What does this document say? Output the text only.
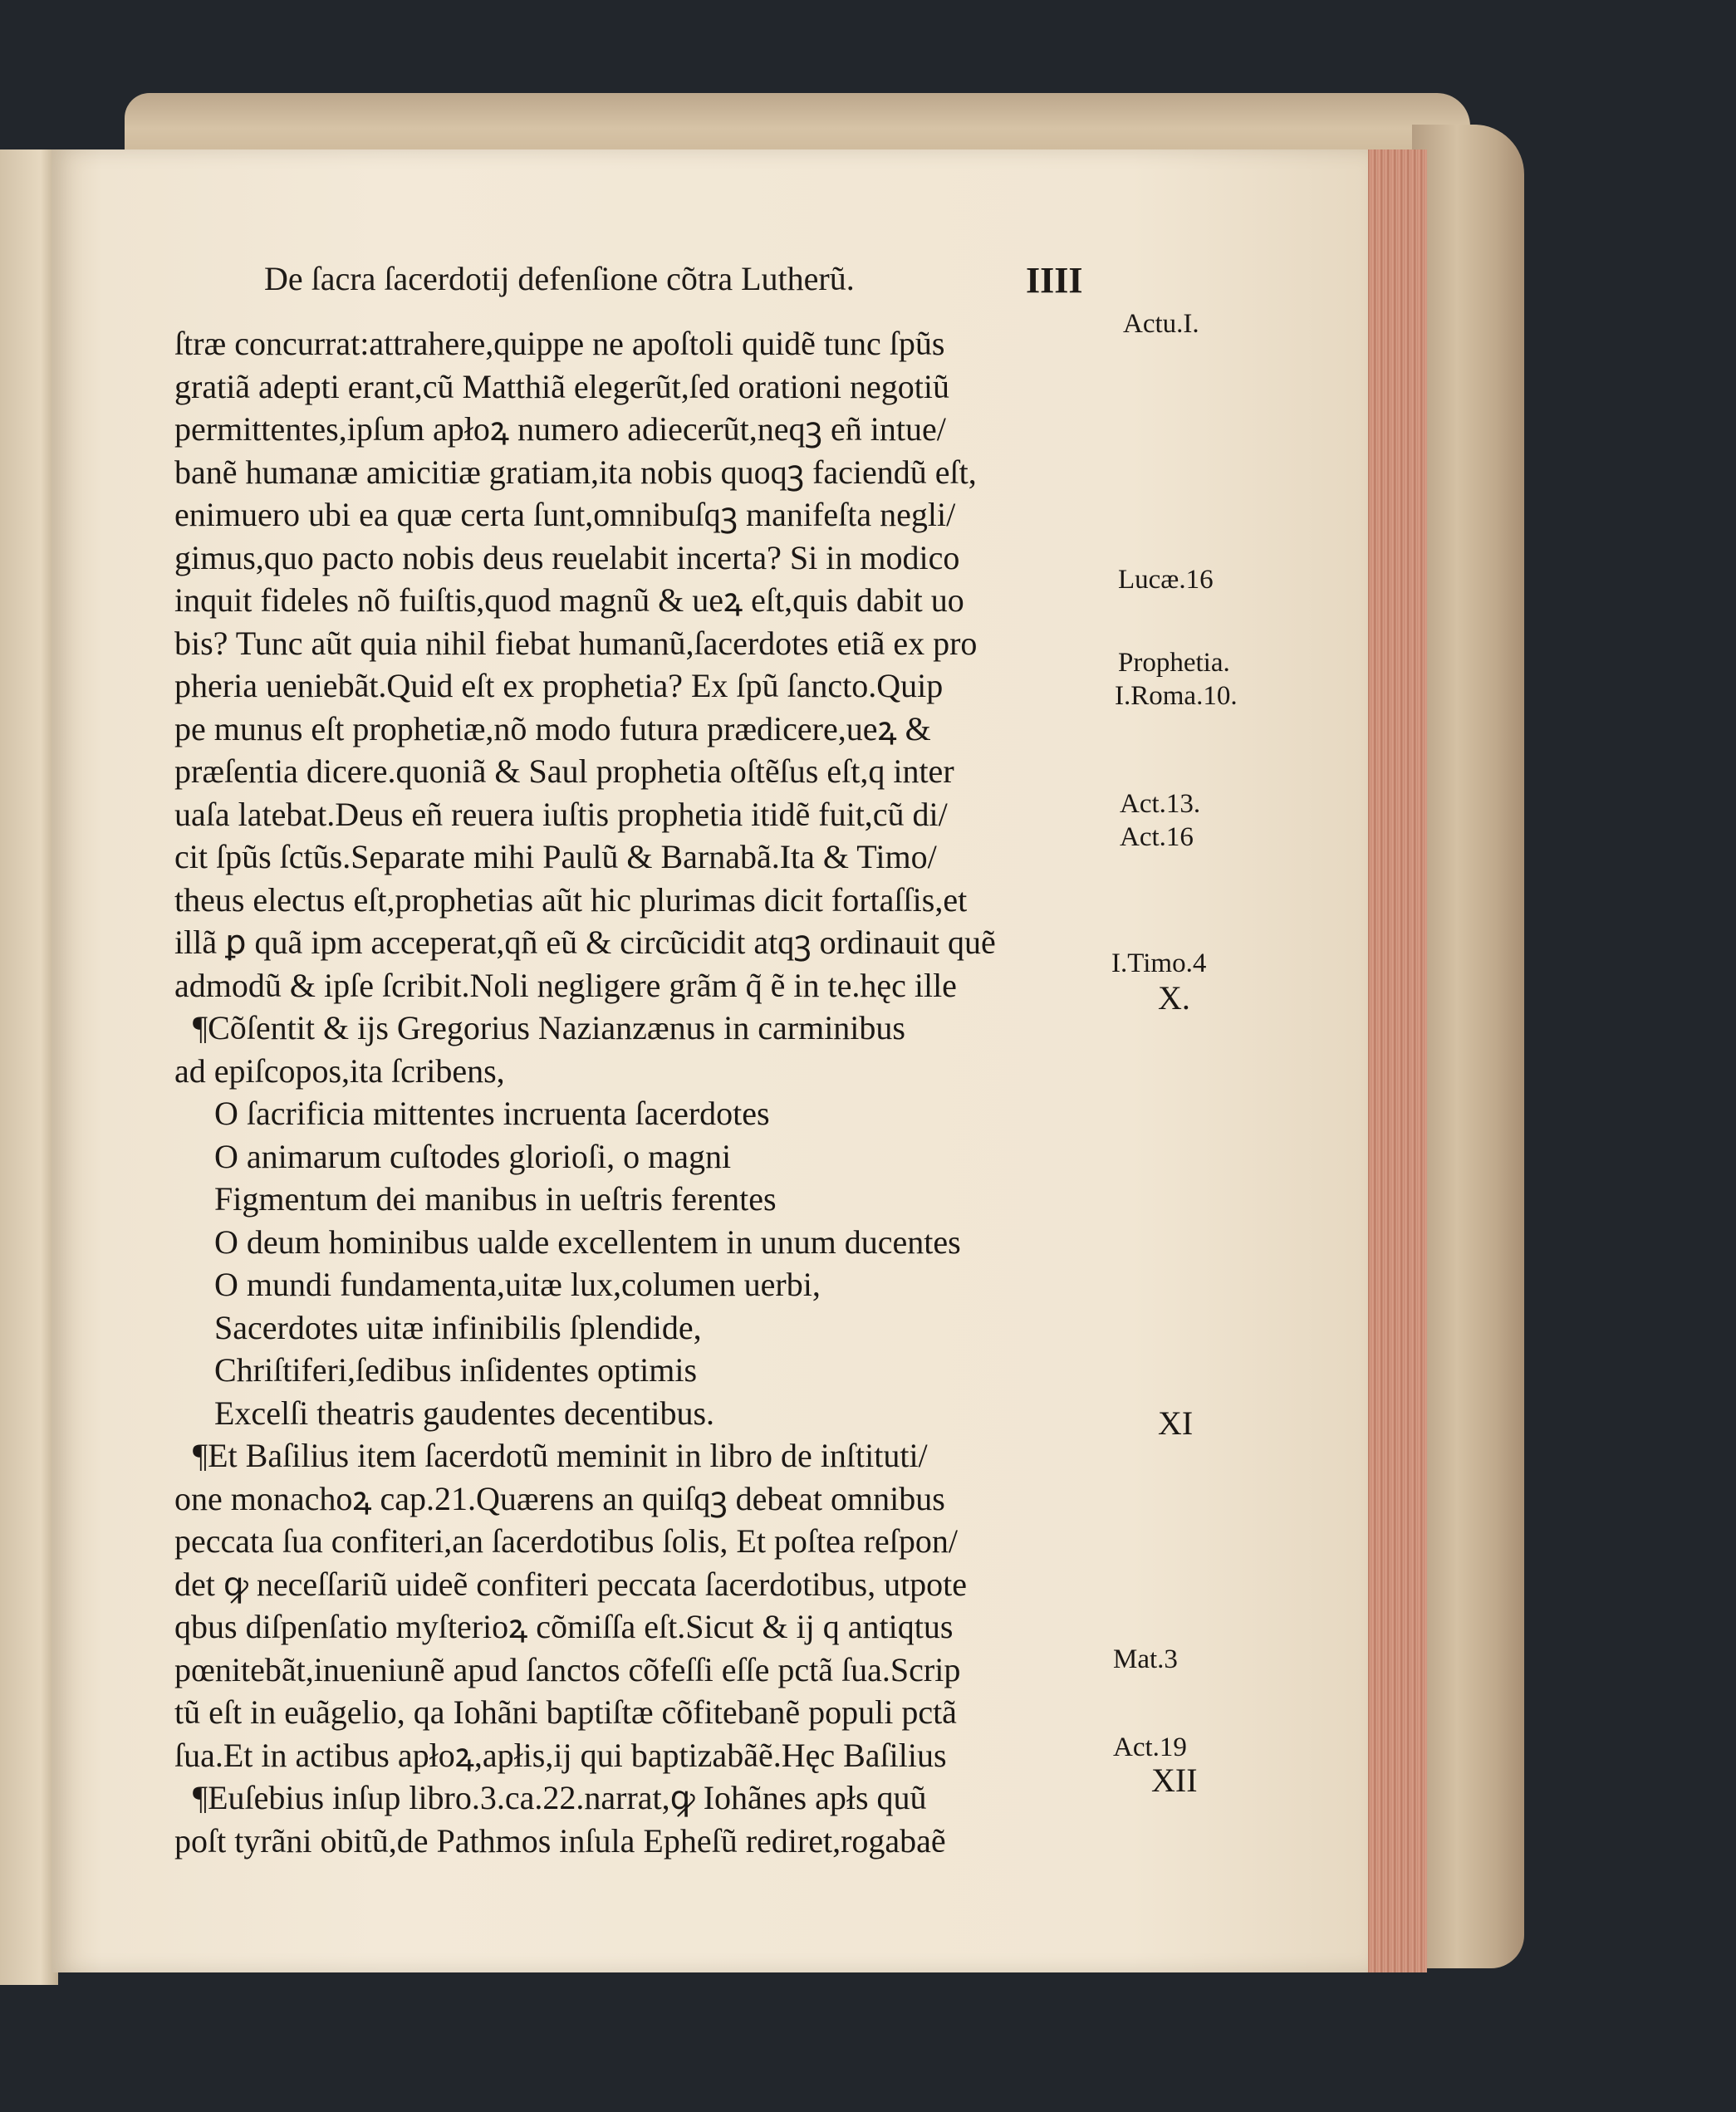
De ſacra ſacerdotij defenſione cõtra Lutherũ.	IIII
ſtræ concurrat:attrahere,quippe ne apoſtoli quidẽ tunc ſpũs
gratiã adepti erant,cũ Matthiã elegerũt,ſed orationi negotiũ
permittentes,ipſum apłoꝝ numero adiecerũt,neqꝫ eñ intue/
banẽ humanæ amicitiæ gratiam,ita nobis quoqꝫ faciendũ eſt,
enimuero ubi ea quæ certa ſunt,omnibuſqꝫ manifeſta negli/
gimus,quo pacto nobis deus reuelabit incerta? Si in modico
inquit fideles nõ fuiſtis,quod magnũ & ueꝝ eſt,quis dabit uo
bis? Tunc aũt quia nihil fiebat humanũ,ſacerdotes etiã ex pro
pheria ueniebãt.Quid eſt ex prophetia? Ex ſpũ ſancto.Quip
pe munus eſt prophetiæ,nõ modo futura prædicere,ueꝝ &
præſentia dicere.quoniã & Saul prophetia oſtẽſus eſt,q inter
uaſa latebat.Deus eñ reuera iuſtis prophetia itidẽ fuit,cũ di/
cit ſpũs ſctũs.Separate mihi Paulũ & Barnabã.Ita & Timo/
theus electus eſt,prophetias aũt hic plurimas dicit fortaſſis,et
illã ꝑ quã ipm acceperat,qñ eũ & circũcidit atqꝫ ordinauit quẽ
admodũ & ipſe ſcribit.Noli negligere grãm q̃ ẽ in te.hęc ille
¶Cõſentit & ijs Gregorius Nazianzænus in carminibus
ad epiſcopos,ita ſcribens,
O ſacrificia mittentes incruenta ſacerdotes
O animarum cuſtodes glorioſi, o magni
Figmentum dei manibus in ueſtris ferentes
O deum hominibus ualde excellentem in unum ducentes
O mundi fundamenta,uitæ lux,columen uerbi,
Sacerdotes uitæ infinibilis ſplendide,
Chriſtiferi,ſedibus inſidentes optimis
Excelſi theatris gaudentes decentibus.
¶Et Baſilius item ſacerdotũ meminit in libro de inſtituti/
one monachoꝝ cap.21.Quærens an quiſqꝫ debeat omnibus
peccata ſua confiteri,an ſacerdotibus ſolis, Et poſtea reſpon/
det ꝙ neceſſariũ uideẽ confiteri peccata ſacerdotibus, utpote
qbus diſpenſatio myſterioꝝ cõmiſſa eſt.Sicut & ij q antiqtus
pœnitebãt,inueniunẽ apud ſanctos cõfeſſi eſſe pctã ſua.Scrip
tũ eſt in euãgelio, qa Iohãni baptiſtæ cõfitebanẽ populi pctã
ſua.Et in actibus apłoꝝ,apłis,ij qui baptizabãẽ.Hęc Baſilius
¶Euſebius inſup libro.3.ca.22.narrat,ꝙ Iohãnes apłs quũ
poſt tyrãni obitũ,de Pathmos inſula Epheſũ rediret,rogabaẽ
Actu.I.
Lucæ.16
Prophetia.
I.Roma.10.
Act.13.
Act.16
I.Timo.4
X.
XI
Mat.3
Act.19
XII
